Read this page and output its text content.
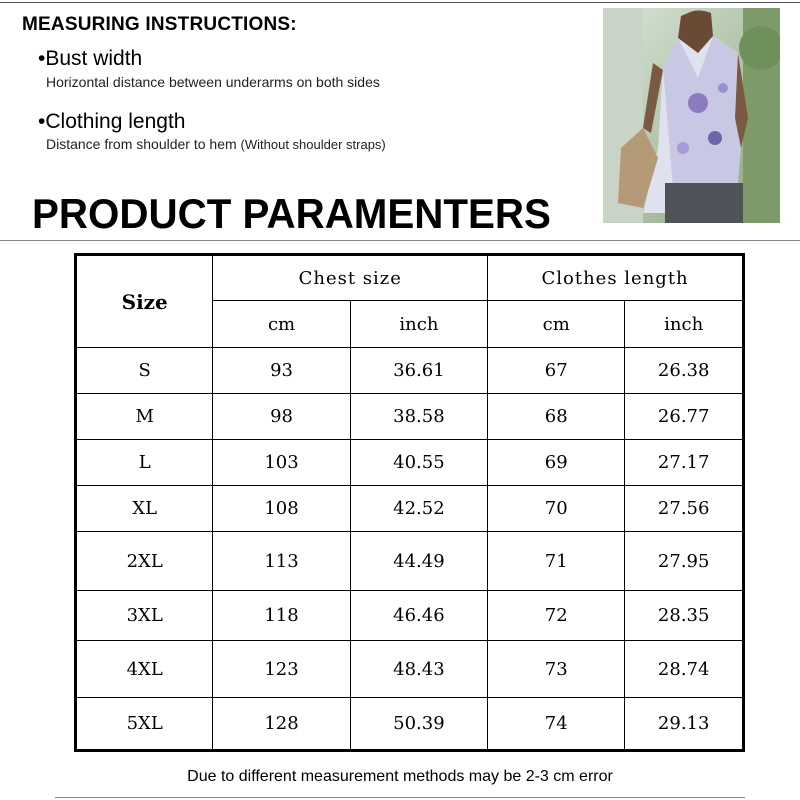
MEASURING INSTRUCTIONS:
•Bust width
Horizontal distance between underarms on both sides
•Clothing length
Distance from shoulder to hem (Without shoulder straps)
PRODUCT PARAMENTERS
Size	Chest size		Clothes length	
	cm	inch	cm	inch
S	93	36.61	67	26.38
M	98	38.58	68	26.77
L	103	40.55	69	27.17
XL	108	42.52	70	27.56
2XL	113	44.49	71	27.95
3XL	118	46.46	72	28.35
4XL	123	48.43	73	28.74
5XL	128	50.39	74	29.13
Due to different measurement methods may be 2-3 cm error
